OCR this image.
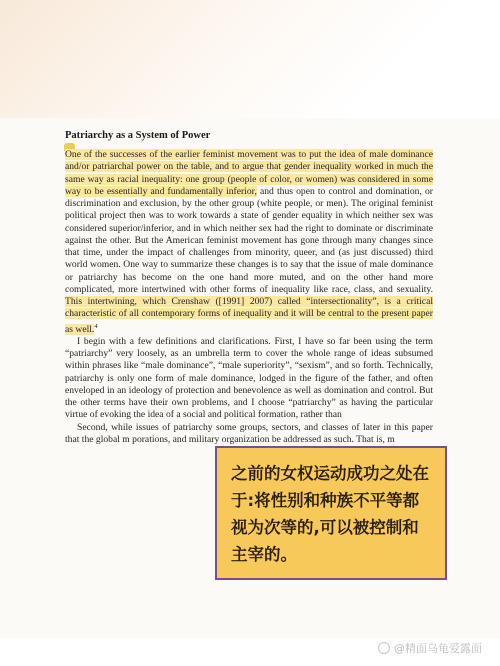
Patriarchy as a System of Power

One of the successes of the earlier feminist movement was to put the idea of male dominance and/or patriarchal power on the table, and to argue that gender inequality worked in much the same way as racial inequality: one group (people of color, or women) was considered in some way to be essentially and fundamentally inferior, and thus open to control and domination, or discrimination and exclusion, by the other group (white people, or men). The original feminist political project then was to work towards a state of gender equality in which neither sex was considered superior/inferior, and in which neither sex had the right to dominate or discriminate against the other. But the American feminist movement has gone through many changes since that time, under the impact of challenges from minority, queer, and (as just discussed) third world women. One way to summarize these changes is to say that the issue of male dominance or patriarchy has become on the one hand more muted, and on the other hand more complicated, more intertwined with other forms of inequality like race, class, and sexuality. This intertwining, which Crenshaw ([1991] 2007) called “intersectionality”, is a critical characteristic of all contemporary forms of inequality and it will be central to the present paper as well.$^4$

I begin with a few definitions and clarifications. First, I have so far been using the term “patriarchy” very loosely, as an umbrella term to cover the whole range of ideas subsumed within phrases like “male dominance”, “male superiority”, “sexism”, and so forth. Technically, patriarchy is only one form of male dominance, lodged in the figure of the father, and often enveloped in an ideology of protection and benevolence as well as domination and control. But the other terms have their own problems, and I choose “patriarchy” as having the particular virtue of evoking the idea of a social and political formation, rather than

Second, while issues of patriarchy some groups, sectors, and classes of later in this paper that the global m porations, and military organization be addressed as such. That is, m

之前的女权运动成功之处在于:将性别和种族不平等都视为次等的,可以被控制和主宰的。
@精面乌龟爱露面
